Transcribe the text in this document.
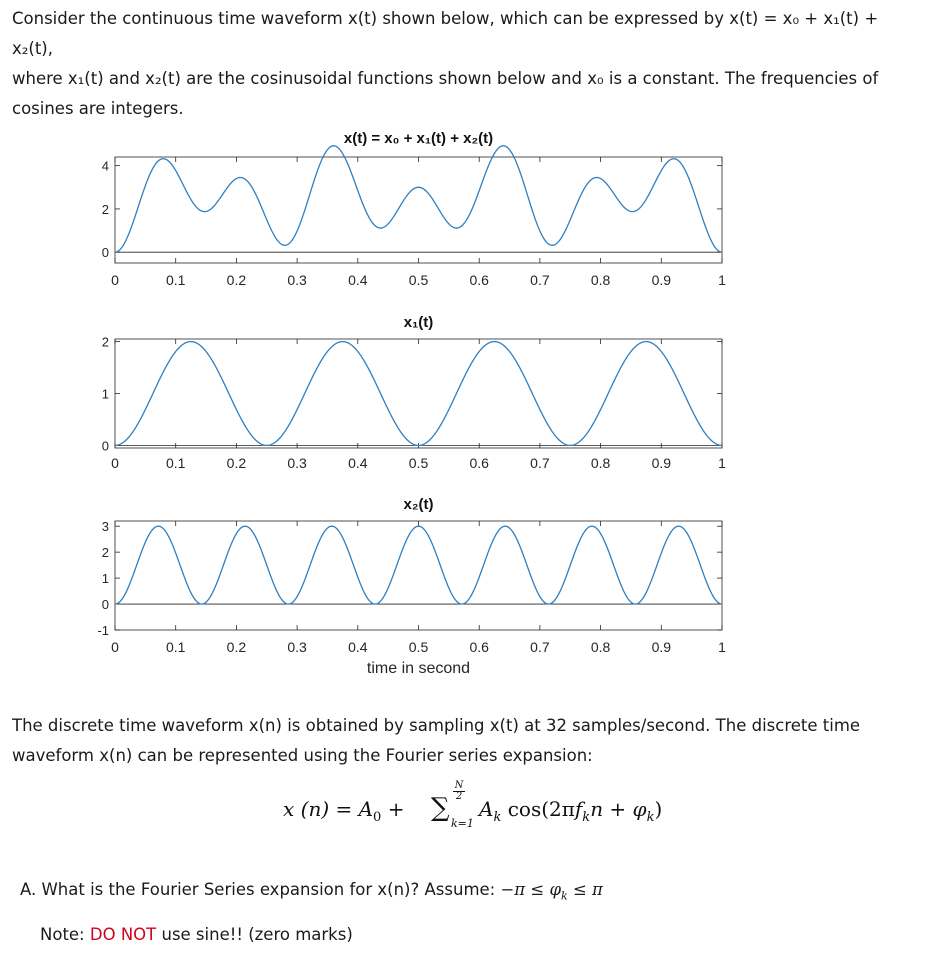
Consider the continuous time waveform x(t) shown below, which can be expressed by x(t) = x₀ + x₁(t) + x₂(t),
where x₁(t) and x₂(t) are the cosinusoidal functions shown below and x₀ is a constant. The frequencies of
cosines are integers.
0	0.1	0.2	0.3	0.4	0.5	0.6	0.7	0.8	0.9	1
0
2
4
x(t) = x₀ + x₁(t) + x₂(t)
0	0.1	0.2	0.3	0.4	0.5	0.6	0.7	0.8	0.9	1
0
1
2
x₁(t)
0	0.1	0.2	0.3	0.4	0.5	0.6	0.7	0.8	0.9	1
-1
0
1
2
3
x₂(t)
time in second
The discrete time waveform x(n) is obtained by sampling x(t) at 32 samples/second. The discrete time
waveform x(n) can be represented using the Fourier series expansion:
x $(n) = A_0$ + ∑
N
2
k=1
$A_k$ $\cos(2\pi f_kn + \varphi_k)$
A. What is the Fourier Series expansion for x(n)? Assume: $-\pi \le \varphi_k \le \pi$
Note: DO NOT use sine!! (zero marks)
